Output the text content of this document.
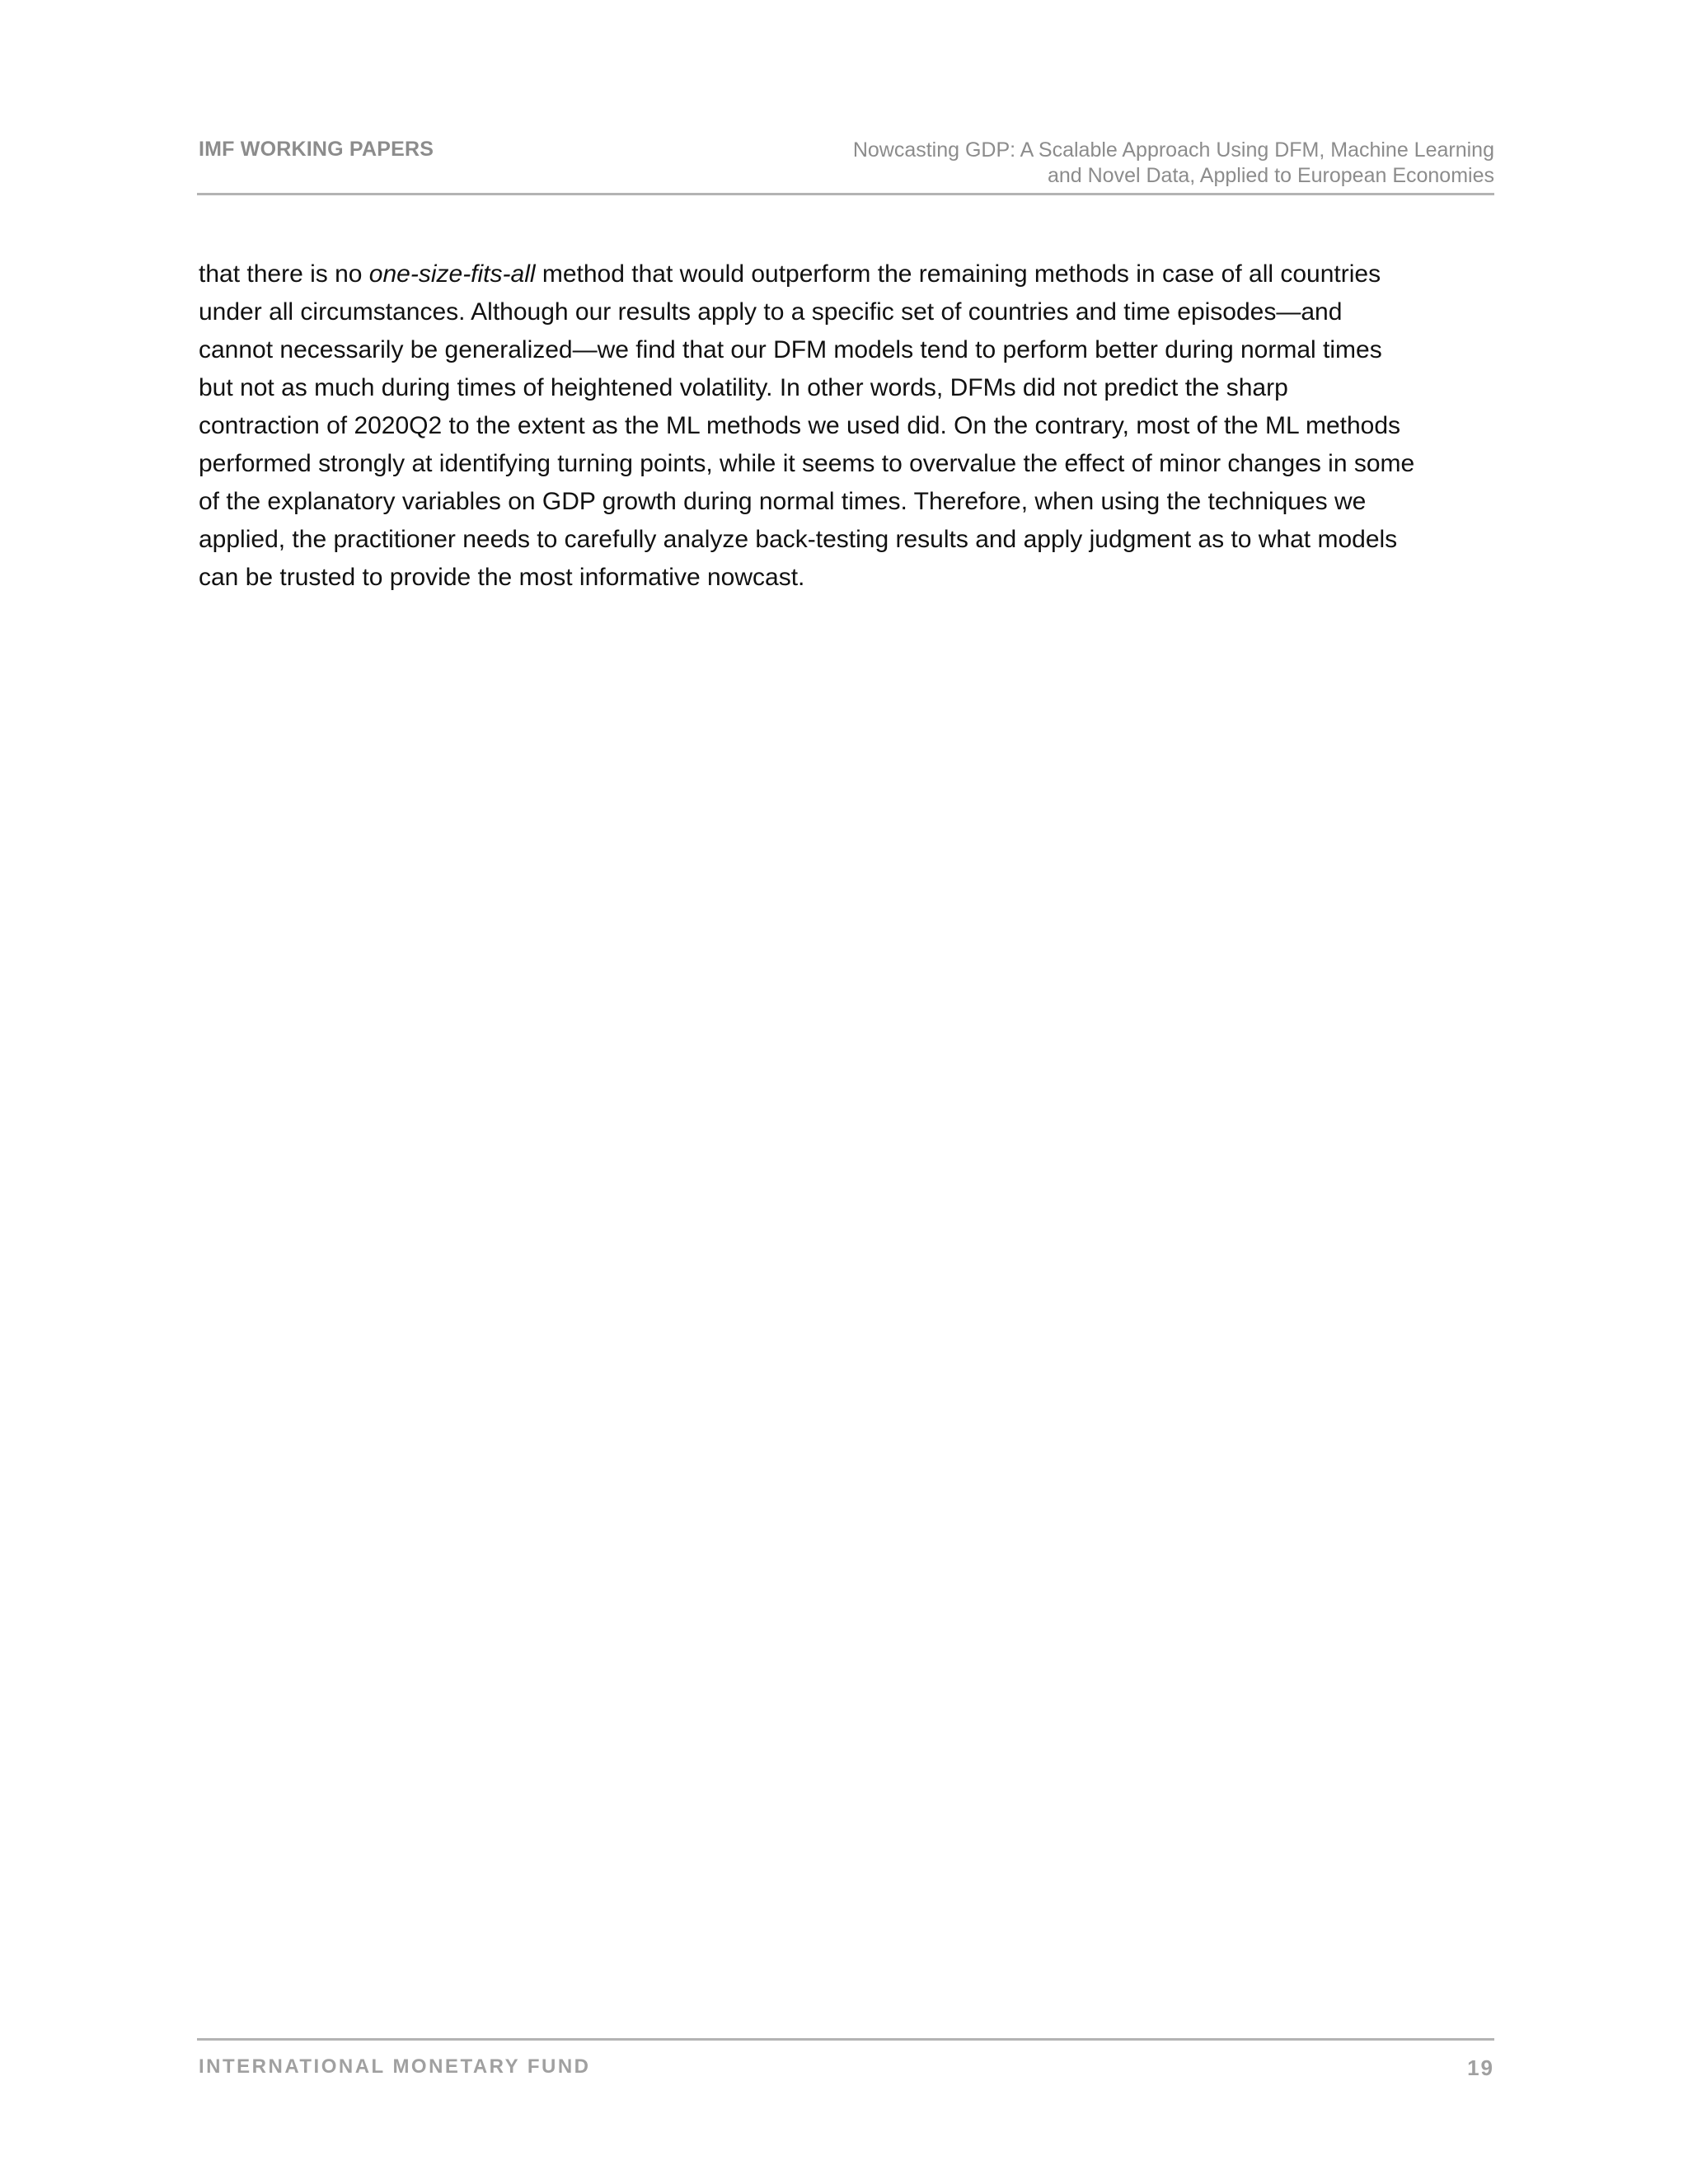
IMF WORKING PAPERS	Nowcasting GDP: A Scalable Approach Using DFM, Machine Learning
and Novel Data, Applied to European Economies
that there is no one-size-fits-all method that would outperform the remaining methods in case of all countries
under all circumstances. Although our results apply to a specific set of countries and time episodes—and
cannot necessarily be generalized—we find that our DFM models tend to perform better during normal times
but not as much during times of heightened volatility. In other words, DFMs did not predict the sharp
contraction of 2020Q2 to the extent as the ML methods we used did. On the contrary, most of the ML methods
performed strongly at identifying turning points, while it seems to overvalue the effect of minor changes in some
of the explanatory variables on GDP growth during normal times. Therefore, when using the techniques we
applied, the practitioner needs to carefully analyze back-testing results and apply judgment as to what models
can be trusted to provide the most informative nowcast.
INTERNATIONAL MONETARY FUND	19
